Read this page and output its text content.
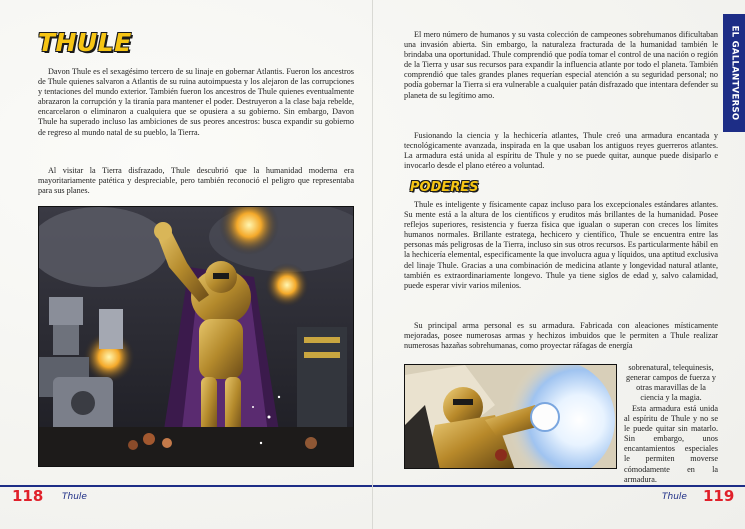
THULE

Davon Thule es el sexagésimo tercero de su linaje en gobernar Atlantis. Fueron los ancestros de Thule quienes salvaron a Atlantis de su ruina autoimpuesta y los alejaron de las corrupciones y tentaciones del mundo exterior. También fueron los ancestros de Thule quienes eventualmente abrazaron la corrupción y la tiranía para mantener el poder. Destruyeron a la clase baja rebelde, encarcelaron o eliminaron a cualquiera que se opusiera a su gobierno. Sin embargo, Davon Thule ha superado incluso las ambiciones de sus peores ancestros: busca expandir su gobierno de regreso al mundo natal de su pueblo, la Tierra.

Al visitar la Tierra disfrazado, Thule descubrió que la humanidad moderna era mayoritariamente patética y despreciable, pero también reconoció el peligro que representaba para sus planes.

118 Thule

El mero número de humanos y su vasta colección de campeones sobrehumanos dificultaban una invasión abierta. Sin embargo, la naturaleza fracturada de la humanidad también le brindaba una oportunidad. Thule comprendió que podía tomar el control de una nación o región de la Tierra y usar sus recursos para expandir la influencia atlante por todo el planeta. También comprendió que tales grandes planes requerían especial atención a su seguridad personal; no podía gobernar la Tierra si era vulnerable a cualquier patán disfrazado que intentara defender su planeta de su legítimo amo.

Fusionando la ciencia y la hechicería atlantes, Thule creó una armadura encantada y tecnológicamente avanzada, inspirada en la que usaban los antiguos reyes guerreros atlantes. La armadura está unida al espíritu de Thule y no se puede quitar, aunque puede disiparlo e invocarlo desde el plano etéreo a voluntad.

PODERES

Thule es inteligente y físicamente capaz incluso para los excepcionales estándares atlantes. Su mente está a la altura de los científicos y eruditos más brillantes de la humanidad. Posee reflejos superiores, resistencia y fuerza física que igualan o superan con creces los límites humanos normales. Brillante estratega, hechicero y científico, Thule se encuentra entre las personas más peligrosas de la Tierra, incluso sin sus otros recursos. Es particularmente hábil en la hechicería elemental, especificamente la que involucra agua y líquidos, una aptitud exclusiva del linaje Thule. Gracias a una combinación de medicina atlante y longevidad natural atlante, también es extraordinariamente longevo. Thule ya tiene siglos de edad y, salvo calamidad, puede esperar vivir varios milenios.

Su principal arma personal es su armadura. Fabricada con aleaciones místicamente mejoradas, posee numerosas armas y hechizos imbuidos que le permiten a Thule realizar numerosas hazañas sobrehumanas, como proyectar ráfagas de energía

sobrenatural, telequinesis, generar campos de fuerza y otras maravillas de la ciencia y la magia.

Esta armadura está unida al espíritu de Thule y no se le puede quitar sin matarlo. Sin embargo, unos encantamientos especiales le permiten moverse cómodamente en la armadura.

EL GALLANTVERSO
Thule 119
